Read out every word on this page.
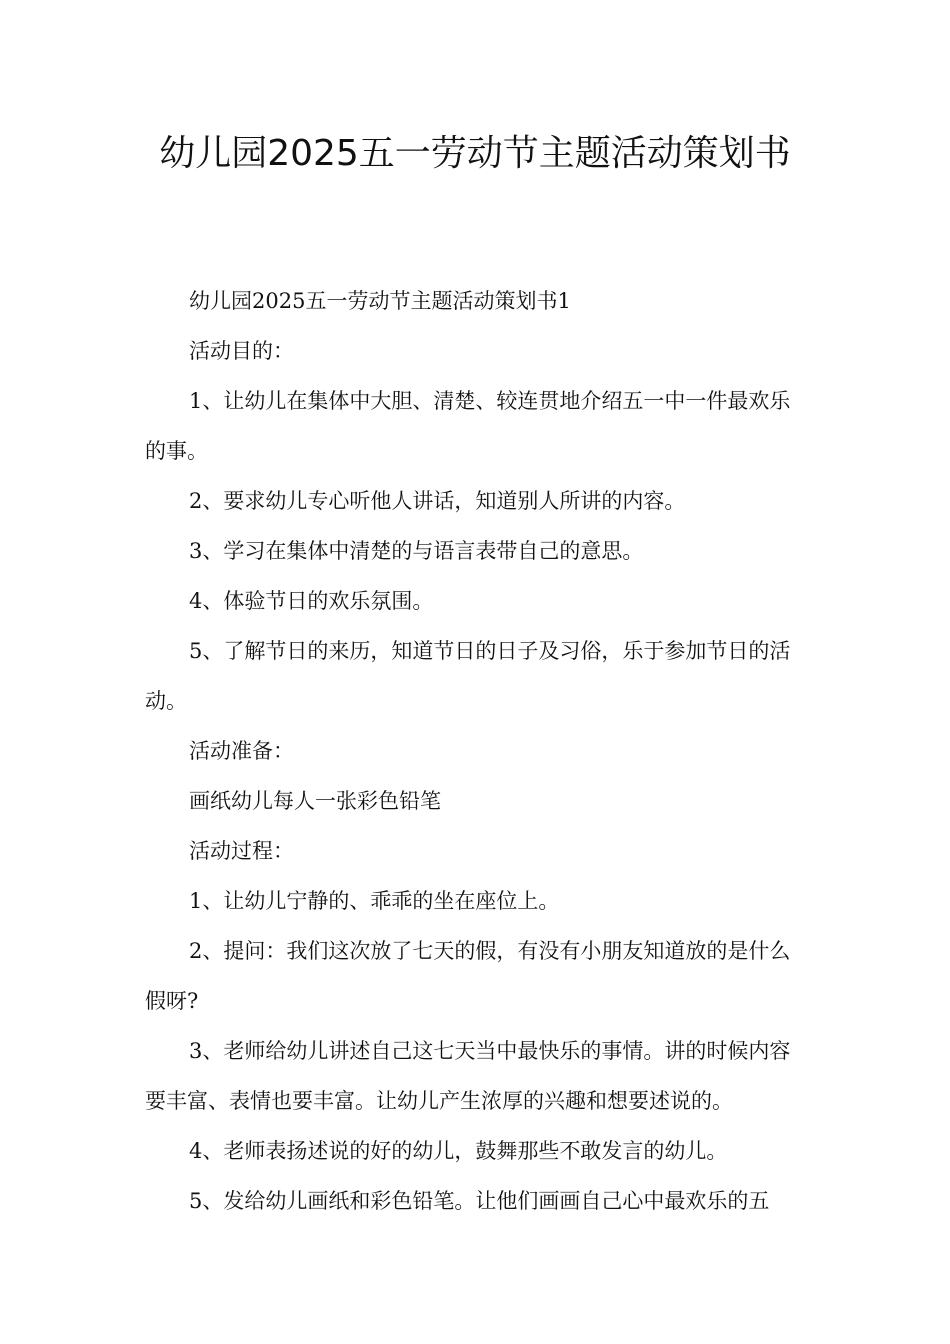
幼儿园2025五一劳动节主题活动策划书

幼儿园2025五一劳动节主题活动策划书1

活动目的：

1、让幼儿在集体中大胆、清楚、较连贯地介绍五一中一件最欢乐的事。

2、要求幼儿专心听他人讲话，知道别人所讲的内容。

3、学习在集体中清楚的与语言表带自己的意思。

4、体验节日的欢乐氛围。

5、了解节日的来历，知道节日的日子及习俗，乐于参加节日的活动。

活动准备：

画纸幼儿每人一张彩色铅笔

活动过程：

1、让幼儿宁静的、乖乖的坐在座位上。

2、提问：我们这次放了七天的假，有没有小朋友知道放的是什么假呀?

3、老师给幼儿讲述自己这七天当中最快乐的事情。讲的时候内容要丰富、表情也要丰富。让幼儿产生浓厚的兴趣和想要述说的。

4、老师表扬述说的好的幼儿，鼓舞那些不敢发言的幼儿。

5、发给幼儿画纸和彩色铅笔。让他们画画自己心中最欢乐的五
